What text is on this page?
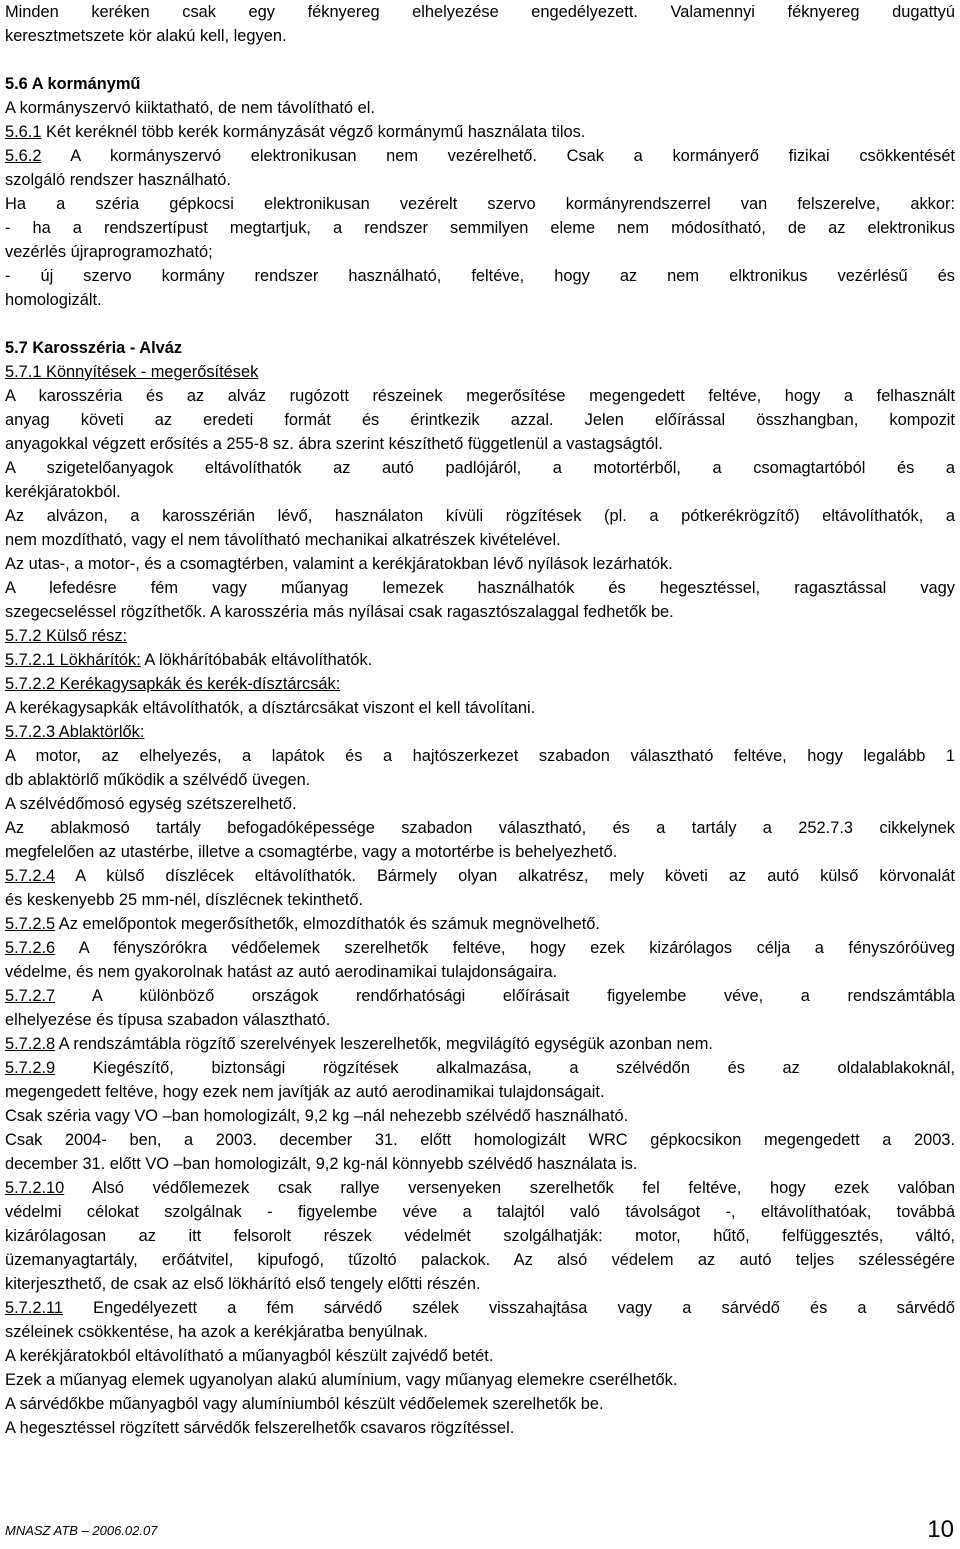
Minden keréken csak egy féknyereg elhelyezése engedélyezett. Valamennyi féknyereg dugattyú
keresztmetszete kör alakú kell, legyen.
5.6 A kormánymű
A kormányszervó kiiktatható, de nem távolítható el.
5.6.1 Két keréknél több kerék kormányzását végző kormánymű használata tilos.
5.6.2 A kormányszervó elektronikusan nem vezérelhető. Csak a kormányerő fizikai csökkentését
szolgáló rendszer használható.
Ha a széria gépkocsi elektronikusan vezérelt szervo kormányrendszerrel van felszerelve, akkor:
- ha a rendszertípust megtartjuk, a rendszer semmilyen eleme nem módosítható, de az elektronikus
vezérlés újraprogramozható;
- új szervo kormány rendszer használható, feltéve, hogy az nem elktronikus vezérlésű és
homologizált.
5.7 Karosszéria - Alváz
5.7.1 Könnyítések - megerősítések
A karosszéria és az alváz rugózott részeinek megerősítése megengedett feltéve, hogy a felhasznált
anyag követi az eredeti formát és érintkezik azzal. Jelen előírással összhangban, kompozit
anyagokkal végzett erősítés a 255-8 sz. ábra szerint készíthető függetlenül a vastagságtól.
A szigetelőanyagok eltávolíthatók az autó padlójáról, a motortérből, a csomagtartóból és a
kerékjáratokból.
Az alvázon, a karosszérián lévő, használaton kívüli rögzítések (pl. a pótkerékrögzítő) eltávolíthatók, a
nem mozdítható, vagy el nem távolítható mechanikai alkatrészek kivételével.
Az utas-, a motor-, és a csomagtérben, valamint a kerékjáratokban lévő nyílások lezárhatók.
A lefedésre fém vagy műanyag lemezek használhatók és hegesztéssel, ragasztással vagy
szegecseléssel rögzíthetők. A karosszéria más nyílásai csak ragasztószalaggal fedhetők be.
5.7.2 Külső rész:
5.7.2.1 Lökhárítók: A lökhárítóbabák eltávolíthatók.
5.7.2.2 Kerékagysapkák és kerék-dísztárcsák:
A kerékagysapkák eltávolíthatók, a dísztárcsákat viszont el kell távolítani.
5.7.2.3 Ablaktörlők:
A motor, az elhelyezés, a lapátok és a hajtószerkezet szabadon választható feltéve, hogy legalább 1
db ablaktörlő működik a szélvédő üvegen.
A szélvédőmosó egység szétszerelhető.
Az ablakmosó tartály befogadóképessége szabadon választható, és a tartály a 252.7.3 cikkelynek
megfelelően az utastérbe, illetve a csomagtérbe, vagy a motortérbe is behelyezhető.
5.7.2.4 A külső díszlécek eltávolíthatók. Bármely olyan alkatrész, mely követi az autó külső körvonalát
és keskenyebb 25 mm-nél, díszlécnek tekinthető.
5.7.2.5 Az emelőpontok megerősíthetők, elmozdíthatók és számuk megnövelhető.
5.7.2.6 A fényszórókra védőelemek szerelhetők feltéve, hogy ezek kizárólagos célja a fényszóróüveg
védelme, és nem gyakorolnak hatást az autó aerodinamikai tulajdonságaira.
5.7.2.7 A különböző országok rendőrhatósági előírásait figyelembe véve, a rendszámtábla
elhelyezése és típusa szabadon választható.
5.7.2.8 A rendszámtábla rögzítő szerelvények leszerelhetők, megvilágító egységük azonban nem.
5.7.2.9 Kiegészítő, biztonsági rögzítések alkalmazása, a szélvédőn és az oldalablakoknál,
megengedett feltéve, hogy ezek nem javítják az autó aerodinamikai tulajdonságait.
Csak széria vagy VO –ban homologizált, 9,2 kg –nál nehezebb szélvédő használható.
Csak 2004- ben, a 2003. december 31. előtt homologizált WRC gépkocsikon megengedett a 2003.
december 31. előtt VO –ban homologizált, 9,2 kg-nál könnyebb szélvédő használata is.
5.7.2.10 Alsó védőlemezek csak rallye versenyeken szerelhetők fel feltéve, hogy ezek valóban
védelmi célokat szolgálnak - figyelembe véve a talajtól való távolságot -, eltávolíthatóak, továbbá
kizárólagosan az itt felsorolt részek védelmét szolgálhatják: motor, hűtő, felfüggesztés, váltó,
üzemanyagtartály, erőátvitel, kipufogó, tűzoltó palackok. Az alsó védelem az autó teljes szélességére
kiterjeszthető, de csak az első lökhárító első tengely előtti részén.
5.7.2.11 Engedélyezett a fém sárvédő szélek visszahajtása vagy a sárvédő és a sárvédő
széleinek csökkentése, ha azok a kerékjáratba benyúlnak.
A kerékjáratokból eltávolítható a műanyagból készült zajvédő betét.
Ezek a műanyag elemek ugyanolyan alakú alumínium, vagy műanyag elemekre cserélhetők.
A sárvédőkbe műanyagból vagy alumíniumból készült védőelemek szerelhetők be.
A hegesztéssel rögzített sárvédők felszerelhetők csavaros rögzítéssel.
MNASZ ATB – 2006.02.07	10
